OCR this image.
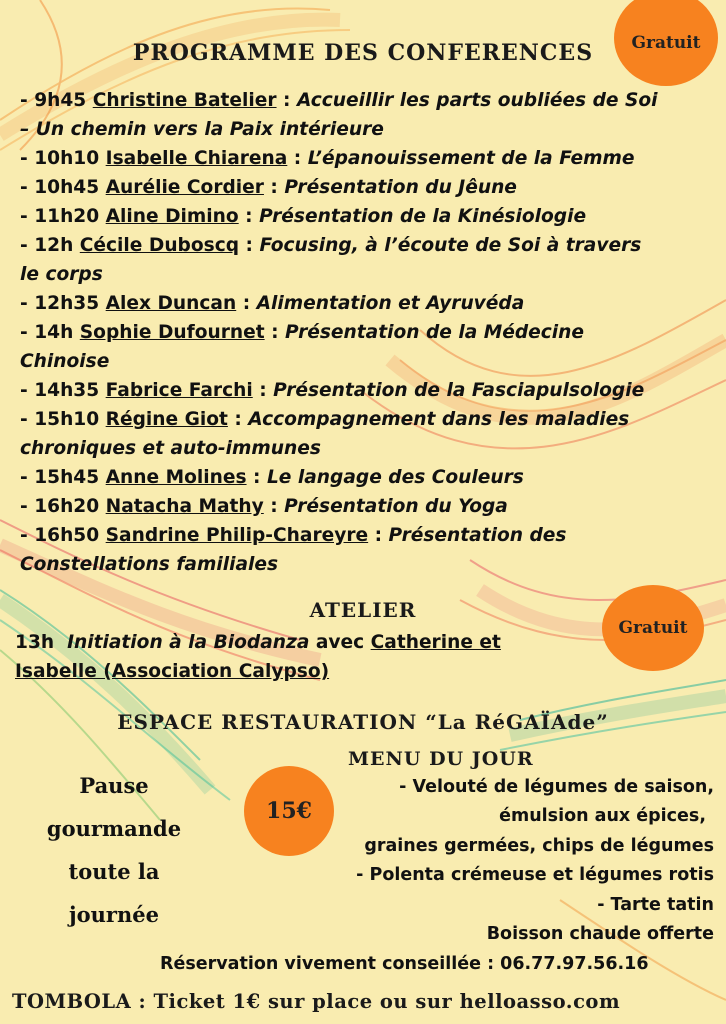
Gratuit
PROGRAMME DES CONFERENCES
- 9h45 Christine Batelier : Accueillir les parts oubliées de Soi
– Un chemin vers la Paix intérieure
- 10h10 Isabelle Chiarena : L’épanouissement de la Femme
- 10h45 Aurélie Cordier : Présentation du Jêune
- 11h20 Aline Dimino : Présentation de la Kinésiologie
- 12h Cécile Duboscq : Focusing, à l’écoute de Soi à travers
le corps
- 12h35 Alex Duncan : Alimentation et Ayruvéda
- 14h Sophie Dufournet : Présentation de la Médecine
Chinoise
- 14h35 Fabrice Farchi : Présentation de la Fasciapulsologie
- 15h10 Régine Giot : Accompagnement dans les maladies
chroniques et auto-immunes
- 15h45 Anne Molines : Le langage des Couleurs
- 16h20 Natacha Mathy : Présentation du Yoga
- 16h50 Sandrine Philip-Chareyre : Présentation des
Constellations familiales
ATELIER
Gratuit
13h Initiation à la Biodanza avec Catherine et
Isabelle (Association Calypso)
ESPACE RESTAURATION “La RéGAÏAde”
MENU DU JOUR
Pause
gourmande
toute la
journée
15€
- Velouté de légumes de saison,
émulsion aux épices,
graines germées, chips de légumes
- Polenta crémeuse et légumes rotis
- Tarte tatin
Boisson chaude offerte
Réservation vivement conseillée : 06.77.97.56.16
TOMBOLA : Ticket 1€ sur place ou sur helloasso.com
